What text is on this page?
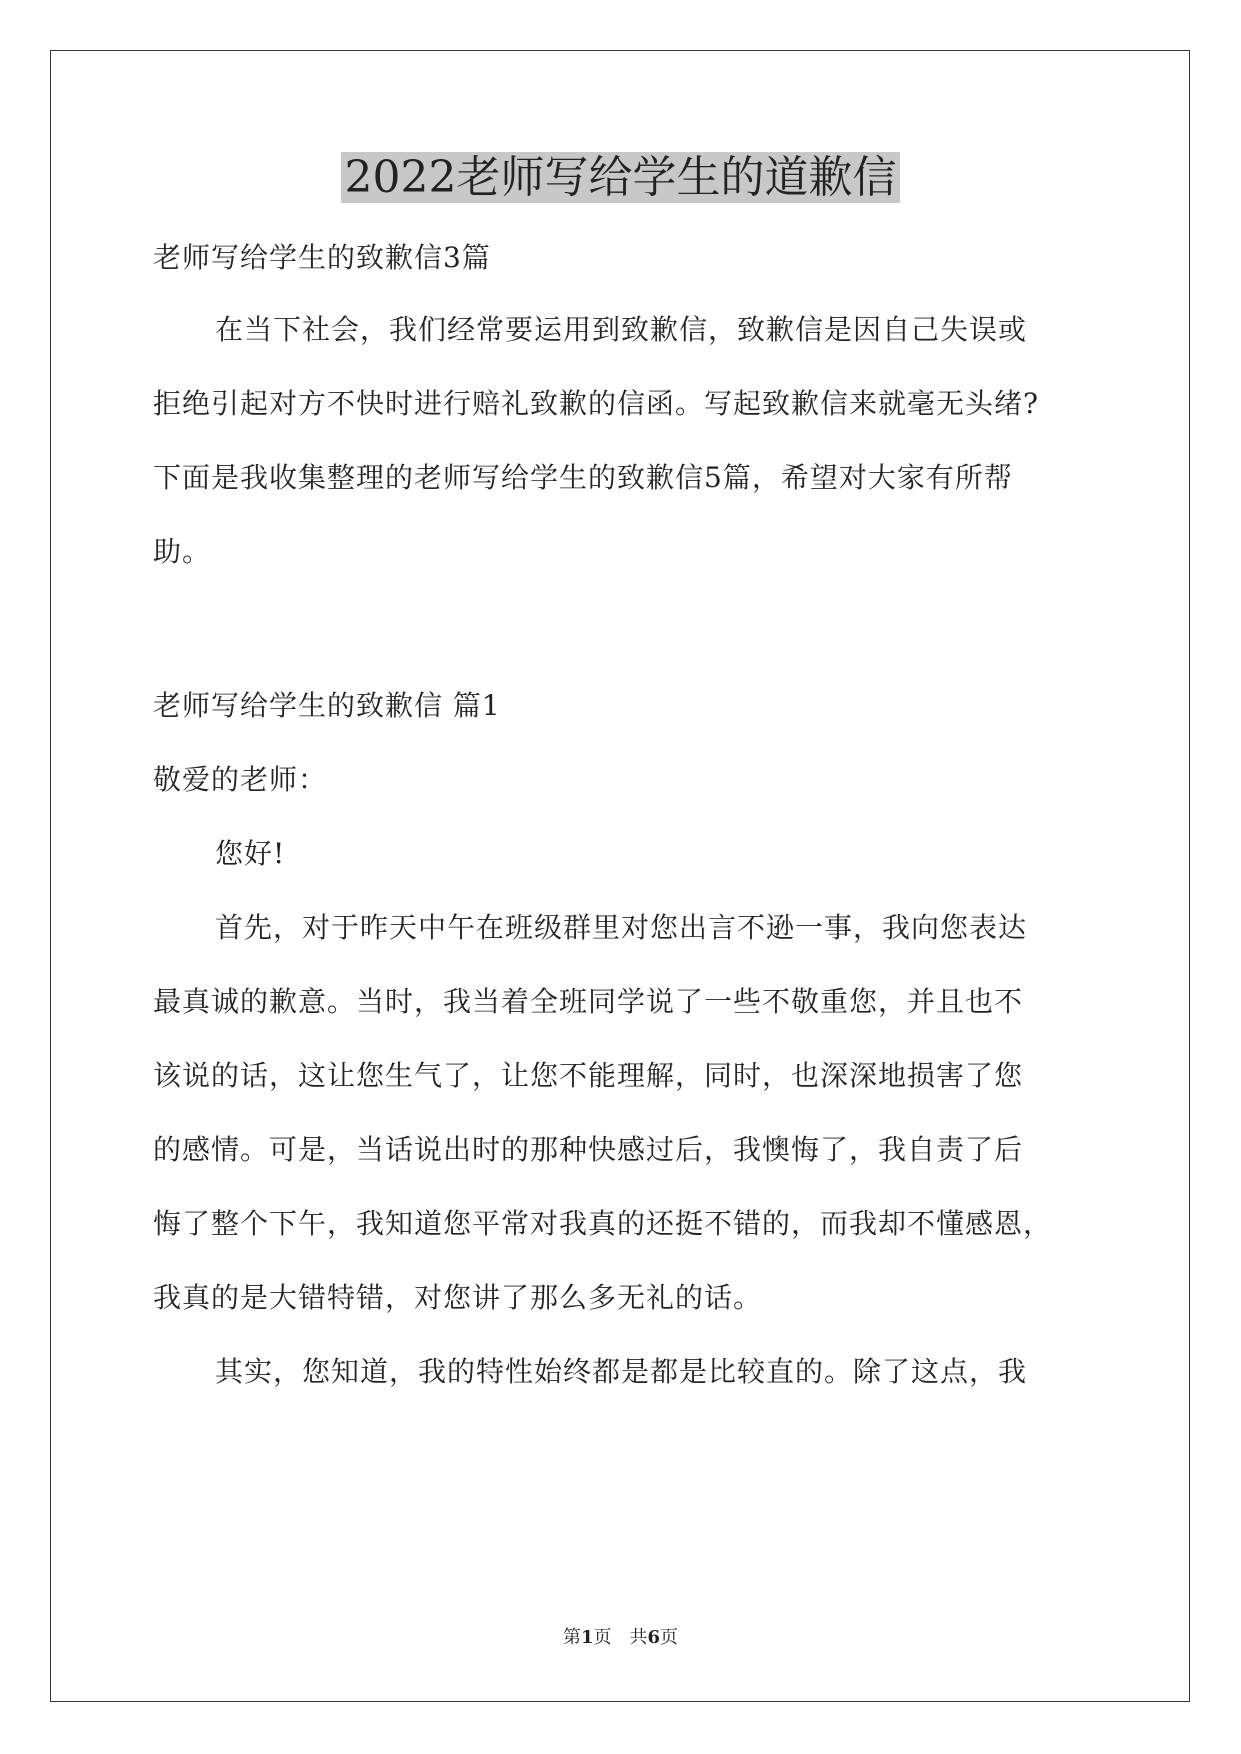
2022老师写给学生的道歉信
老师写给学生的致歉信3篇
在当下社会，我们经常要运用到致歉信，致歉信是因自己失误或
拒绝引起对方不快时进行赔礼致歉的信函。写起致歉信来就毫无头绪?
下面是我收集整理的老师写给学生的致歉信5篇，希望对大家有所帮
助。
老师写给学生的致歉信 篇1
敬爱的老师：
您好!
首先，对于昨天中午在班级群里对您出言不逊一事，我向您表达
最真诚的歉意。当时，我当着全班同学说了一些不敬重您，并且也不
该说的话，这让您生气了，让您不能理解，同时，也深深地损害了您
的感情。可是，当话说出时的那种快感过后，我懊悔了，我自责了后
悔了整个下午，我知道您平常对我真的还挺不错的，而我却不懂感恩，
我真的是大错特错，对您讲了那么多无礼的话。
其实，您知道，我的特性始终都是都是比较直的。除了这点，我
第1页　共6页
